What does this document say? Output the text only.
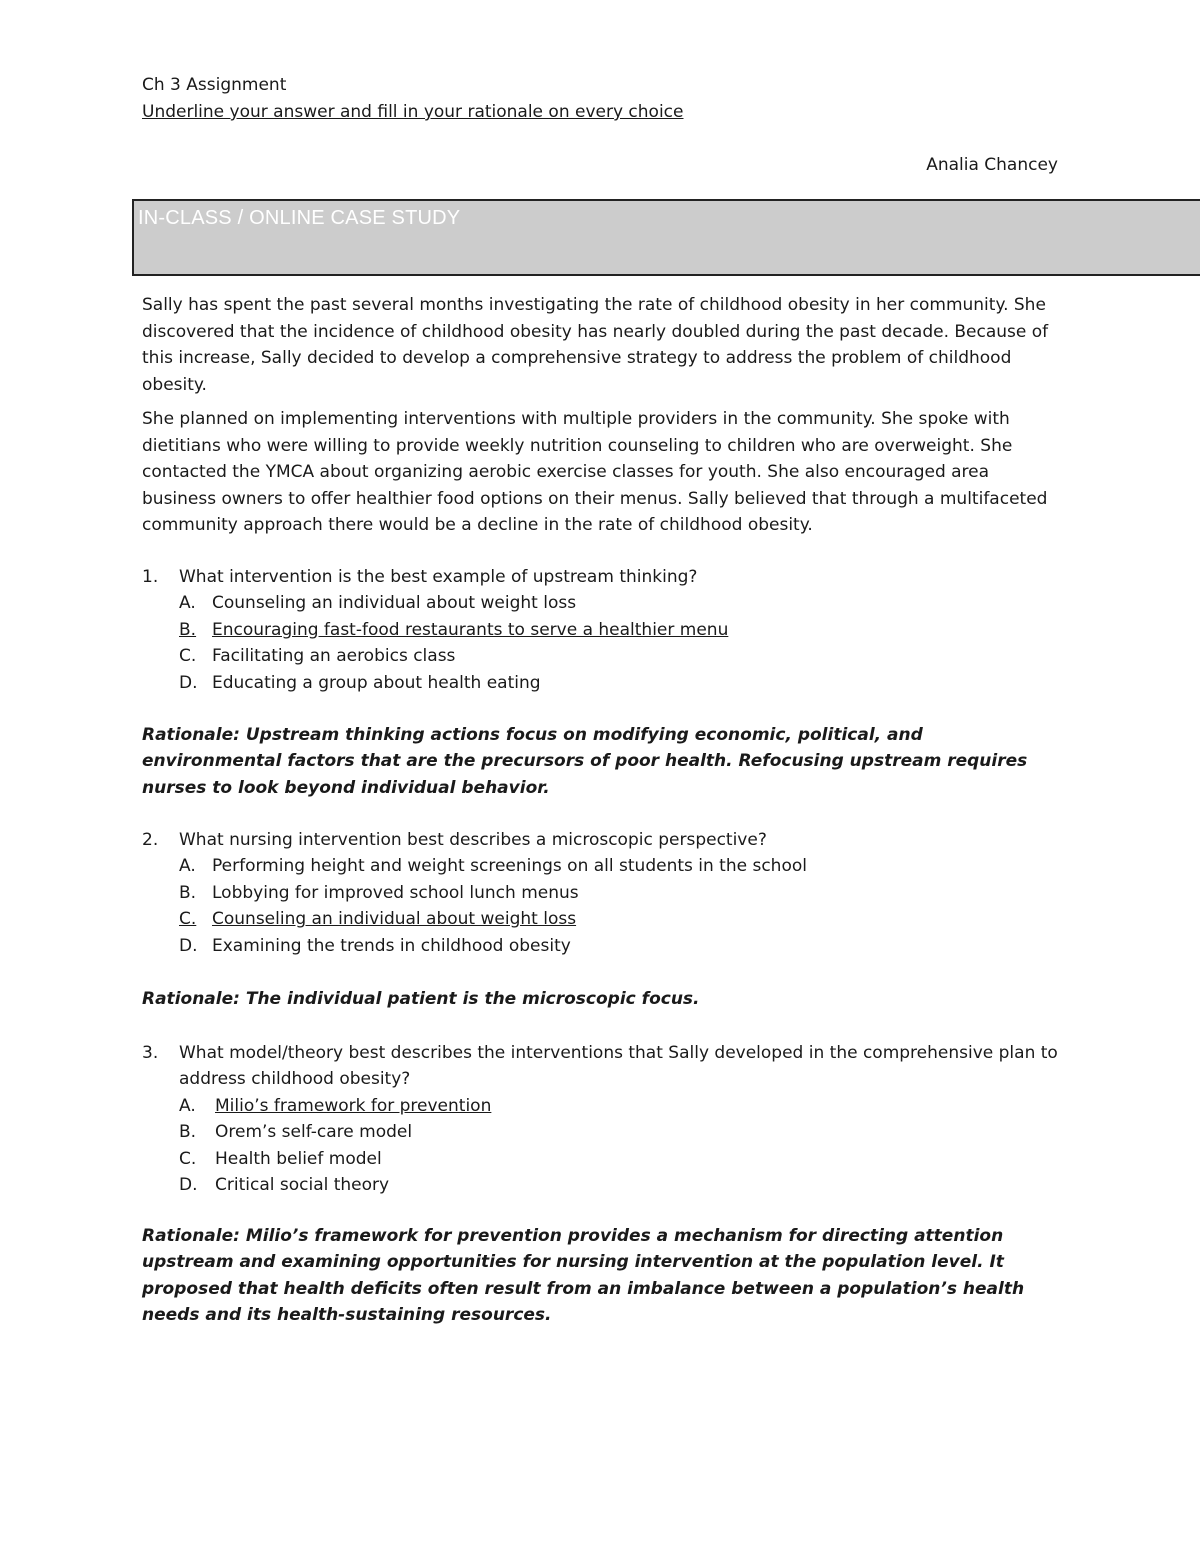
Ch 3 Assignment
Underline your answer and fill in your rationale on every choice
Analia Chancey
IN-CLASS / ONLINE CASE STUDY

Sally has spent the past several months investigating the rate of childhood obesity in her community. She discovered that the incidence of childhood obesity has nearly doubled during the past decade. Because of this increase, Sally decided to develop a comprehensive strategy to address the problem of childhood obesity.

She planned on implementing interventions with multiple providers in the community. She spoke with dietitians who were willing to provide weekly nutrition counseling to children who are overweight. She contacted the YMCA about organizing aerobic exercise classes for youth. She also encouraged area business owners to offer healthier food options on their menus. Sally believed that through a multifaceted community approach there would be a decline in the rate of childhood obesity.

1. What intervention is the best example of upstream thinking?
A. Counseling an individual about weight loss
B. Encouraging fast-food restaurants to serve a healthier menu
C. Facilitating an aerobics class
D. Educating a group about health eating
Rationale: Upstream thinking actions focus on modifying economic, political, and environmental factors that are the precursors of poor health. Refocusing upstream requires nurses to look beyond individual behavior.
2. What nursing intervention best describes a microscopic perspective?
A. Performing height and weight screenings on all students in the school
B. Lobbying for improved school lunch menus
C. Counseling an individual about weight loss
D. Examining the trends in childhood obesity
Rationale: The individual patient is the microscopic focus.
3. What model/theory best describes the interventions that Sally developed in the comprehensive plan to address childhood obesity?
A. Milio’s framework for prevention
B. Orem’s self-care model
C. Health belief model
D. Critical social theory
Rationale: Milio’s framework for prevention provides a mechanism for directing attention upstream and examining opportunities for nursing intervention at the population level. It proposed that health deficits often result from an imbalance between a population’s health needs and its health-sustaining resources.
